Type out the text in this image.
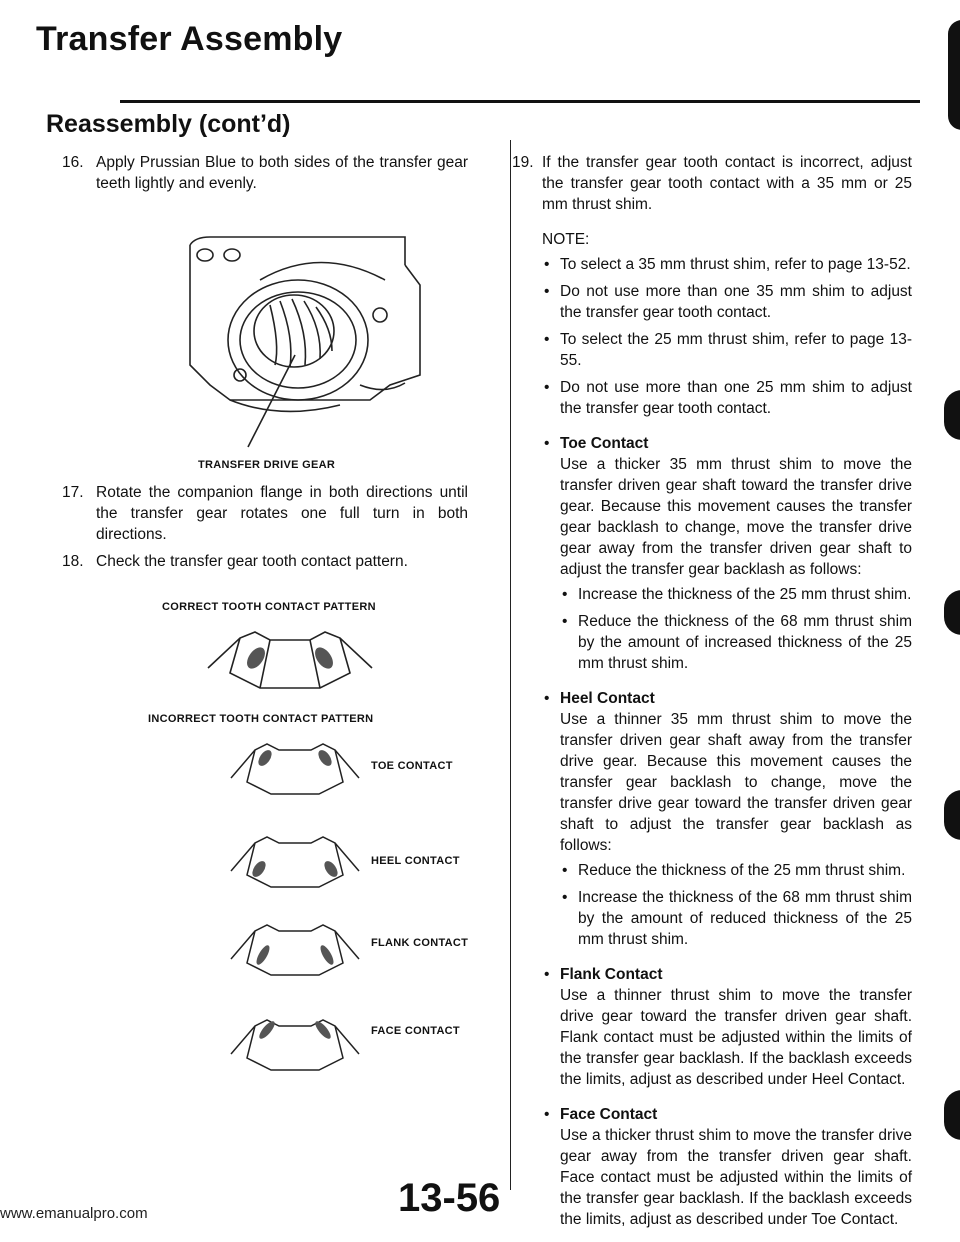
Transfer Assembly
Reassembly (cont’d)
16. Apply Prussian Blue to both sides of the transfer gear teeth lightly and evenly.
TRANSFER DRIVE GEAR
17. Rotate the companion flange in both directions until the transfer gear rotates one full turn in both directions.
18. Check the transfer gear tooth contact pattern.
CORRECT TOOTH CONTACT PATTERN
INCORRECT TOOTH CONTACT PATTERN
TOE CONTACT
HEEL CONTACT
FLANK CONTACT
FACE CONTACT
19. If the transfer gear tooth contact is incorrect, adjust the transfer gear tooth contact with a 35 mm or 25 mm thrust shim.
NOTE:
• To select a 35 mm thrust shim, refer to page 13-52.
• Do not use more than one 35 mm shim to adjust the transfer gear tooth contact.
• To select the 25 mm thrust shim, refer to page 13-55.
• Do not use more than one 25 mm shim to adjust the transfer gear tooth contact.
• Toe Contact
Use a thicker 35 mm thrust shim to move the transfer driven gear shaft toward the transfer drive gear. Because this movement causes the transfer gear backlash to change, move the transfer drive gear away from the transfer driven gear shaft to adjust the transfer gear backlash as follows:
• Increase the thickness of the 25 mm thrust shim.
• Reduce the thickness of the 68 mm thrust shim by the amount of increased thickness of the 25 mm thrust shim.
• Heel Contact
Use a thinner 35 mm thrust shim to move the transfer driven gear shaft away from the transfer drive gear. Because this movement causes the transfer gear backlash to change, move the transfer drive gear toward the transfer driven gear shaft to adjust the transfer gear backlash as follows:
• Reduce the thickness of the 25 mm thrust shim.
• Increase the thickness of the 68 mm thrust shim by the amount of reduced thickness of the 25 mm thrust shim.
• Flank Contact
Use a thinner thrust shim to move the transfer drive gear toward the transfer driven gear shaft. Flank contact must be adjusted within the limits of the transfer gear backlash. If the backlash exceeds the limits, adjust as described under Heel Contact.
• Face Contact
Use a thicker thrust shim to move the transfer drive gear away from the transfer driven gear shaft. Face contact must be adjusted within the limits of the transfer gear backlash. If the backlash exceeds the limits, adjust as described under Toe Contact.
13-56
www.emanualpro.com
